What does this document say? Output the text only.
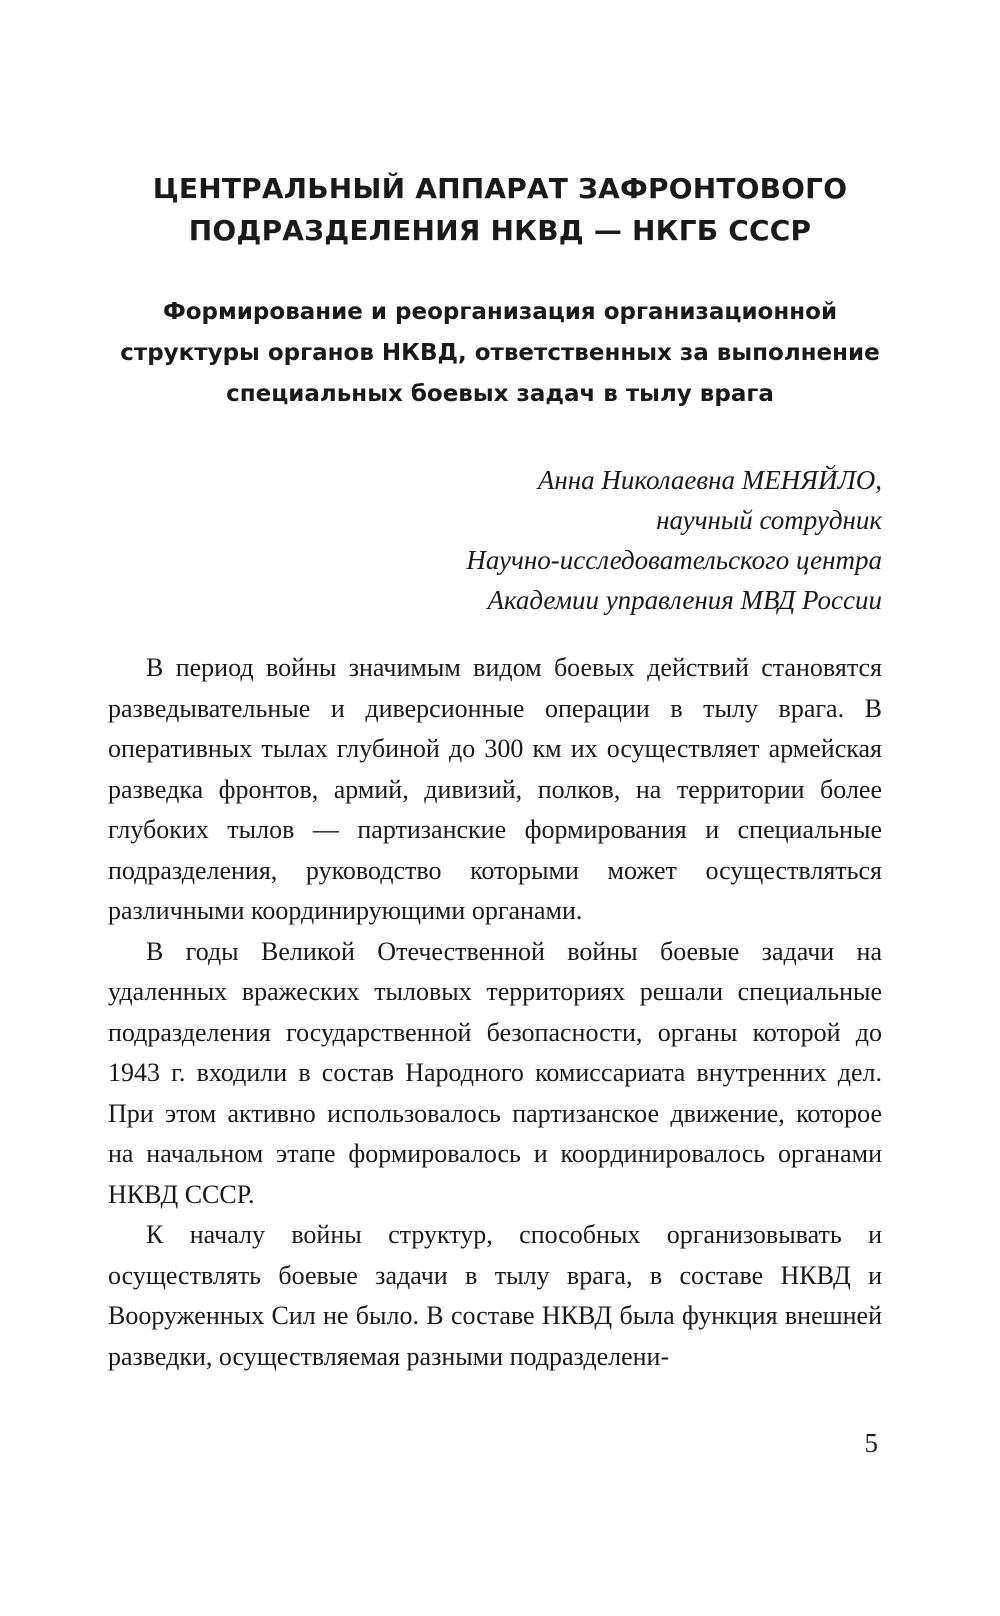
ЦЕНТРАЛЬНЫЙ АППАРАТ ЗАФРОНТОВОГО
ПОДРАЗДЕЛЕНИЯ НКВД — НКГБ СССР
Формирование и реорганизация организационной
структуры органов НКВД, ответственных за выполнение
специальных боевых задач в тылу врага
Анна Николаевна МЕНЯЙЛО,
научный сотрудник
Научно-исследовательского центра
Академии управления МВД России

В период войны значимым видом боевых действий становятся разведывательные и диверсионные операции в тылу врага. В оперативных тылах глубиной до 300 км их осуществляет армейская разведка фронтов, армий, дивизий, полков, на территории более глубоких тылов — партизанские формирования и специальные подразделения, руководство которыми может осуществляться различными координирующими органами.

В годы Великой Отечественной войны боевые задачи на удаленных вражеских тыловых территориях решали специальные подразделения государственной безопасности, органы которой до 1943 г. входили в состав Народного комиссариата внутренних дел. При этом активно использовалось партизанское движение, которое на начальном этапе формировалось и координировалось органами НКВД СССР.

К началу войны структур, способных организовывать и осуществлять боевые задачи в тылу врага, в составе НКВД и Вооруженных Сил не было. В составе НКВД была функция внешней разведки, осуществляемая разными подразделени-

5
